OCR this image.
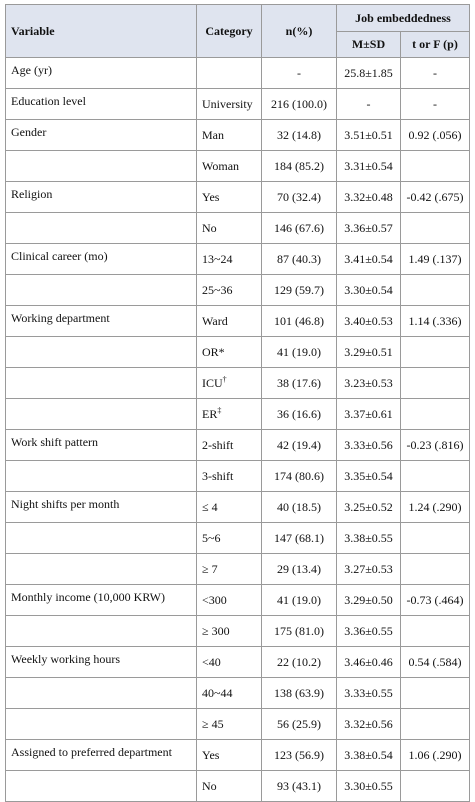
Variable	Category	n(%)	Job embeddedness	
			M±SD	t or F (p)
Age (yr)		-	25.8±1.85	-
Education level	University	216 (100.0)	-	-
Gender	Man	32 (14.8)	3.51±0.51	0.92 (.056)
	Woman	184 (85.2)	3.31±0.54	
Religion	Yes	70 (32.4)	3.32±0.48	-0.42 (.675)
	No	146 (67.6)	3.36±0.57	
Clinical career (mo)	13~24	87 (40.3)	3.41±0.54	1.49 (.137)
	25~36	129 (59.7)	3.30±0.54	
Working department	Ward	101 (46.8)	3.40±0.53	1.14 (.336)
	OR*	41 (19.0)	3.29±0.51	
	ICU†	38 (17.6)	3.23±0.53	
	ER‡	36 (16.6)	3.37±0.61	
Work shift pattern	2-shift	42 (19.4)	3.33±0.56	-0.23 (.816)
	3-shift	174 (80.6)	3.35±0.54	
Night shifts per month	≤ 4	40 (18.5)	3.25±0.52	1.24 (.290)
	5~6	147 (68.1)	3.38±0.55	
	≥ 7	29 (13.4)	3.27±0.53	
Monthly income (10,000 KRW)	<300	41 (19.0)	3.29±0.50	-0.73 (.464)
	≥ 300	175 (81.0)	3.36±0.55	
Weekly working hours	<40	22 (10.2)	3.46±0.46	0.54 (.584)
	40~44	138 (63.9)	3.33±0.55	
	≥ 45	56 (25.9)	3.32±0.56	
Assigned to preferred department	Yes	123 (56.9)	3.38±0.54	1.06 (.290)
	No	93 (43.1)	3.30±0.55	
